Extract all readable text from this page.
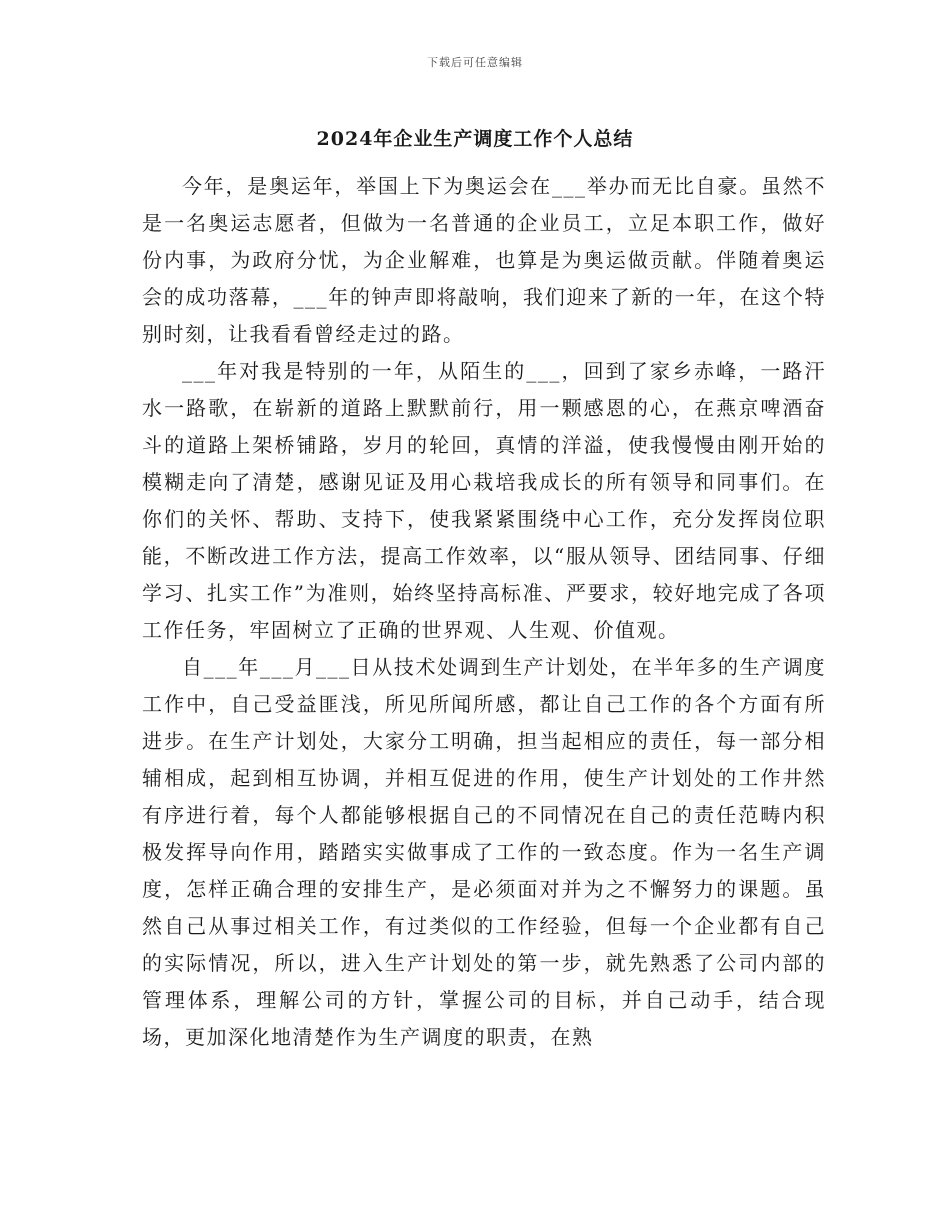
下载后可任意编辑
2024年企业生产调度工作个人总结

今年，是奥运年，举国上下为奥运会在___举办而无比自豪。虽然不是一名奥运志愿者，但做为一名普通的企业员工，立足本职工作，做好份内事，为政府分忧，为企业解难，也算是为奥运做贡献。伴随着奥运会的成功落幕，___年的钟声即将敲响，我们迎来了新的一年，在这个特别时刻，让我看看曾经走过的路。

___年对我是特别的一年，从陌生的___，回到了家乡赤峰，一路汗水一路歌，在崭新的道路上默默前行，用一颗感恩的心，在燕京啤酒奋斗的道路上架桥铺路，岁月的轮回，真情的洋溢，使我慢慢由刚开始的模糊走向了清楚，感谢见证及用心栽培我成长的所有领导和同事们。在你们的关怀、帮助、支持下，使我紧紧围绕中心工作，充分发挥岗位职能，不断改进工作方法，提高工作效率，以“服从领导、团结同事、仔细学习、扎实工作”为准则，始终坚持高标准、严要求，较好地完成了各项工作任务，牢固树立了正确的世界观、人生观、价值观。

自___年___月___日从技术处调到生产计划处，在半年多的生产调度工作中，自己受益匪浅，所见所闻所感，都让自己工作的各个方面有所进步。在生产计划处，大家分工明确，担当起相应的责任，每一部分相辅相成，起到相互协调，并相互促进的作用，使生产计划处的工作井然有序进行着，每个人都能够根据自己的不同情况在自己的责任范畴内积极发挥导向作用，踏踏实实做事成了工作的一致态度。作为一名生产调度，怎样正确合理的安排生产，是必须面对并为之不懈努力的课题。虽然自己从事过相关工作，有过类似的工作经验，但每一个企业都有自己的实际情况，所以，进入生产计划处的第一步，就先熟悉了公司内部的管理体系，理解公司的方针，掌握公司的目标，并自己动手，结合现场，更加深化地清楚作为生产调度的职责，在熟
